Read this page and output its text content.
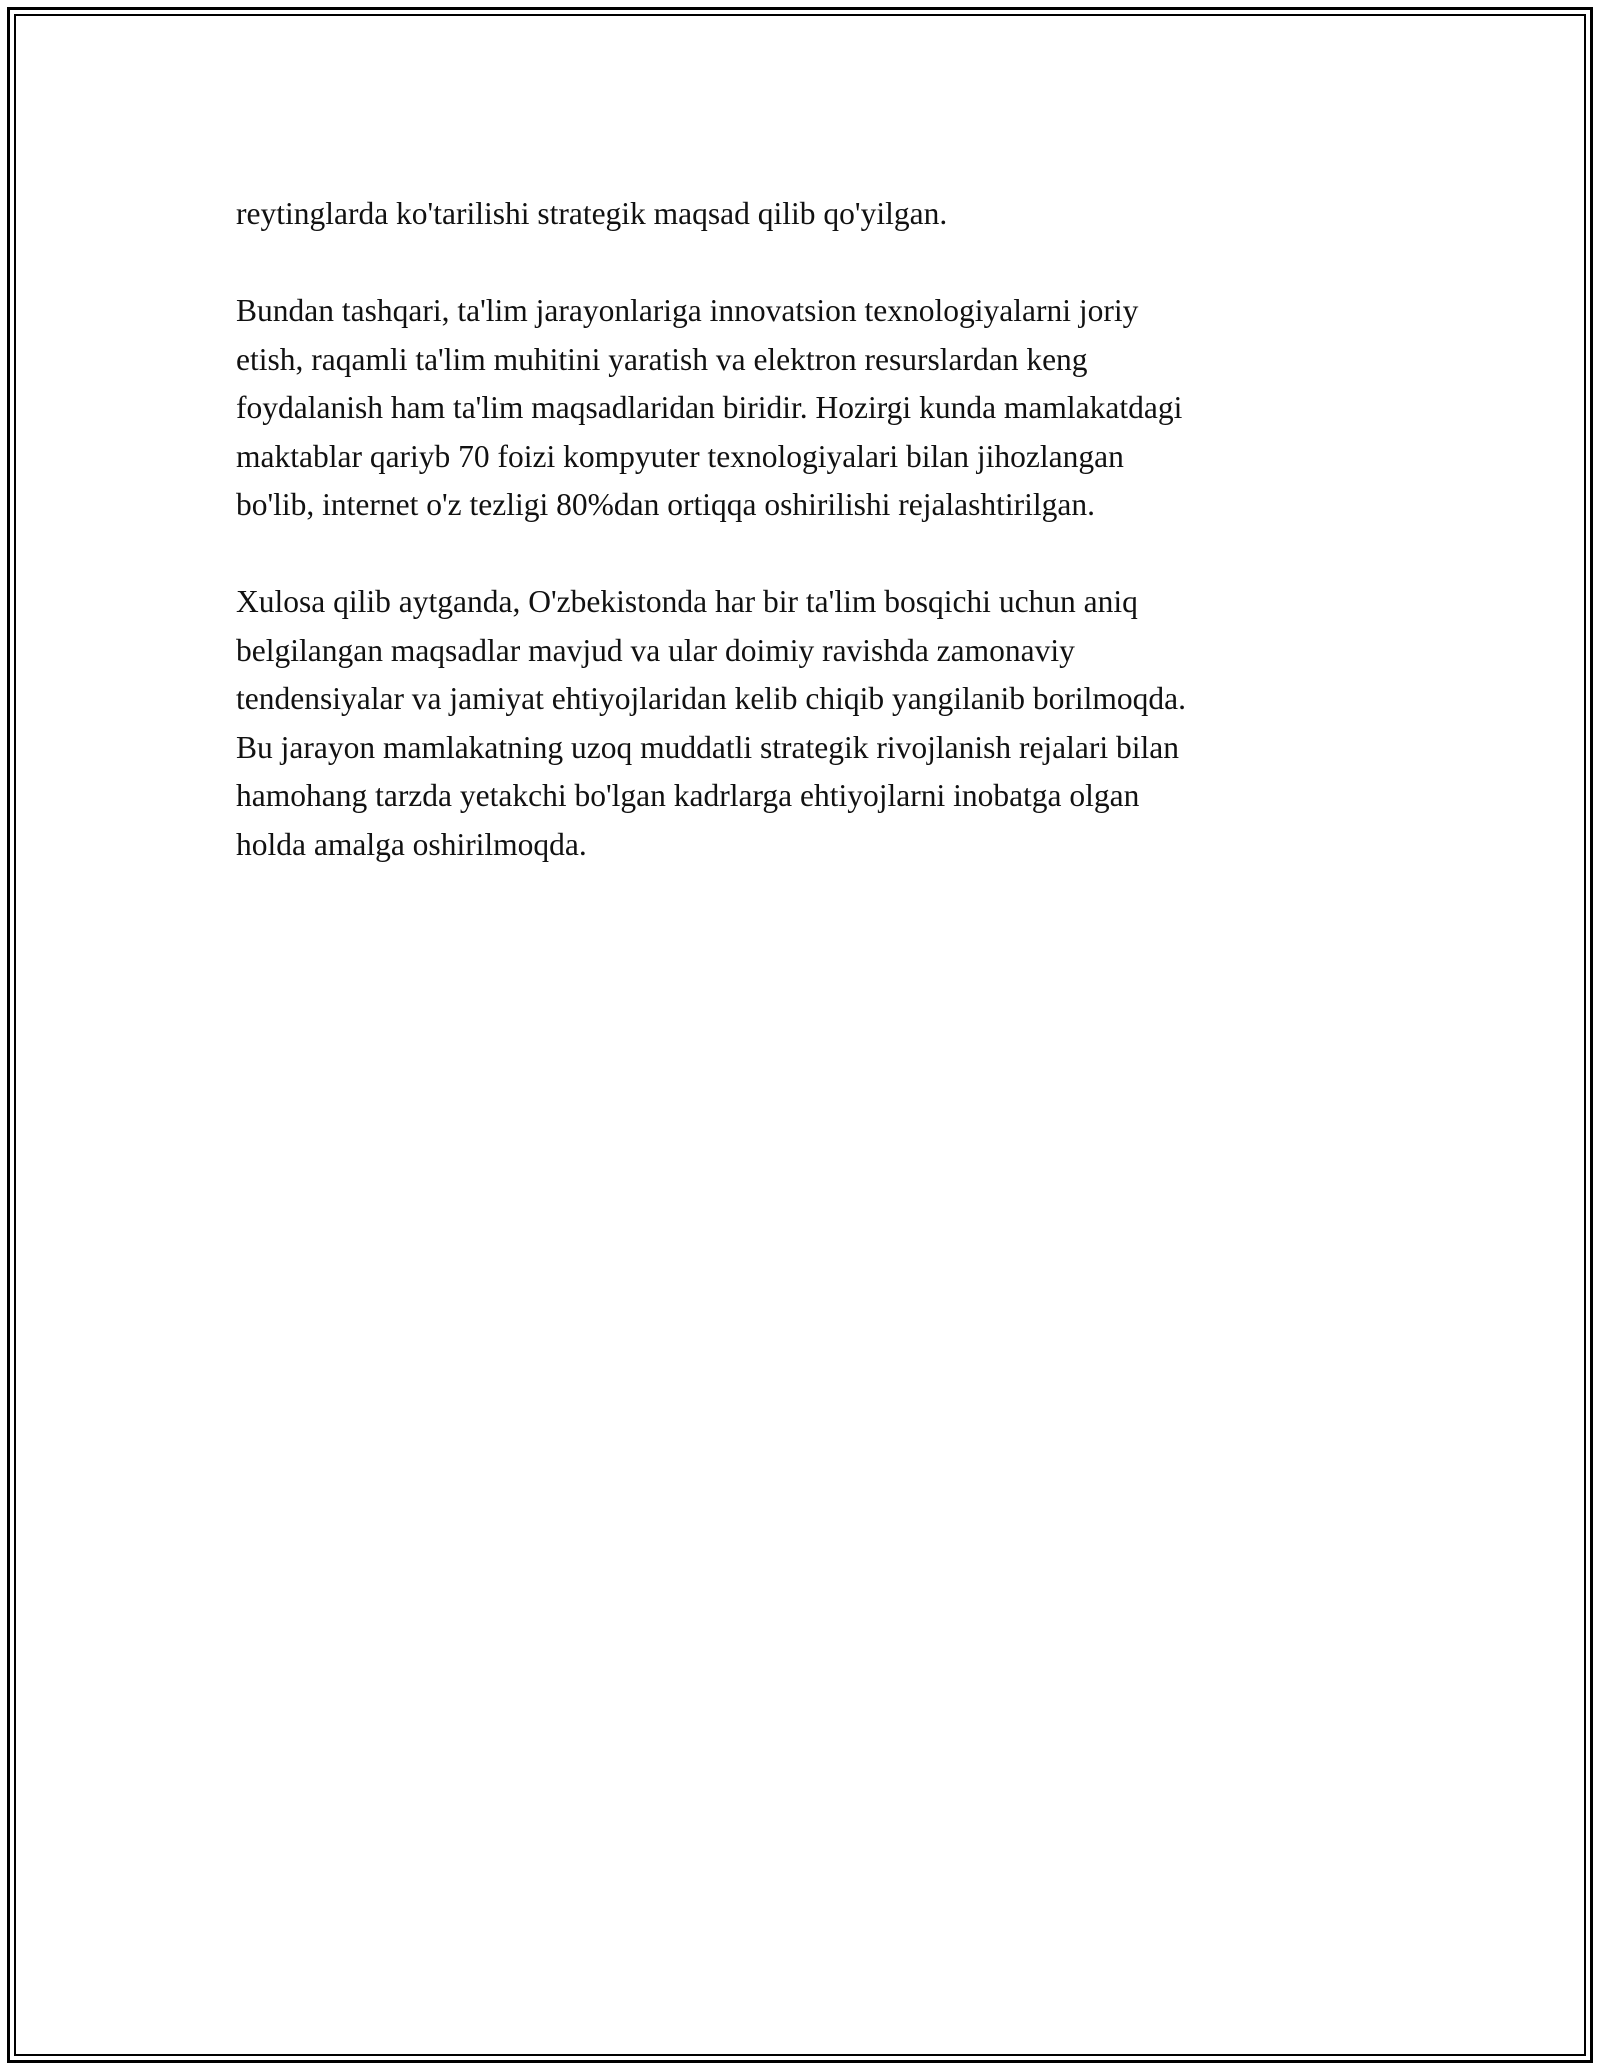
reytinglarda ko'tarilishi strategik maqsad qilib qo'yilgan.

Bundan tashqari, ta'lim jarayonlariga innovatsion texnologiyalarni joriy
etish, raqamli ta'lim muhitini yaratish va elektron resurslardan keng
foydalanish ham ta'lim maqsadlaridan biridir. Hozirgi kunda mamlakatdagi
maktablar qariyb 70 foizi kompyuter texnologiyalari bilan jihozlangan
bo'lib, internet o'z tezligi 80%dan ortiqqa oshirilishi rejalashtirilgan.

Xulosa qilib aytganda, O'zbekistonda har bir ta'lim bosqichi uchun aniq
belgilangan maqsadlar mavjud va ular doimiy ravishda zamonaviy
tendensiyalar va jamiyat ehtiyojlaridan kelib chiqib yangilanib borilmoqda.
Bu jarayon mamlakatning uzoq muddatli strategik rivojlanish rejalari bilan
hamohang tarzda yetakchi bo'lgan kadrlarga ehtiyojlarni inobatga olgan
holda amalga oshirilmoqda.
